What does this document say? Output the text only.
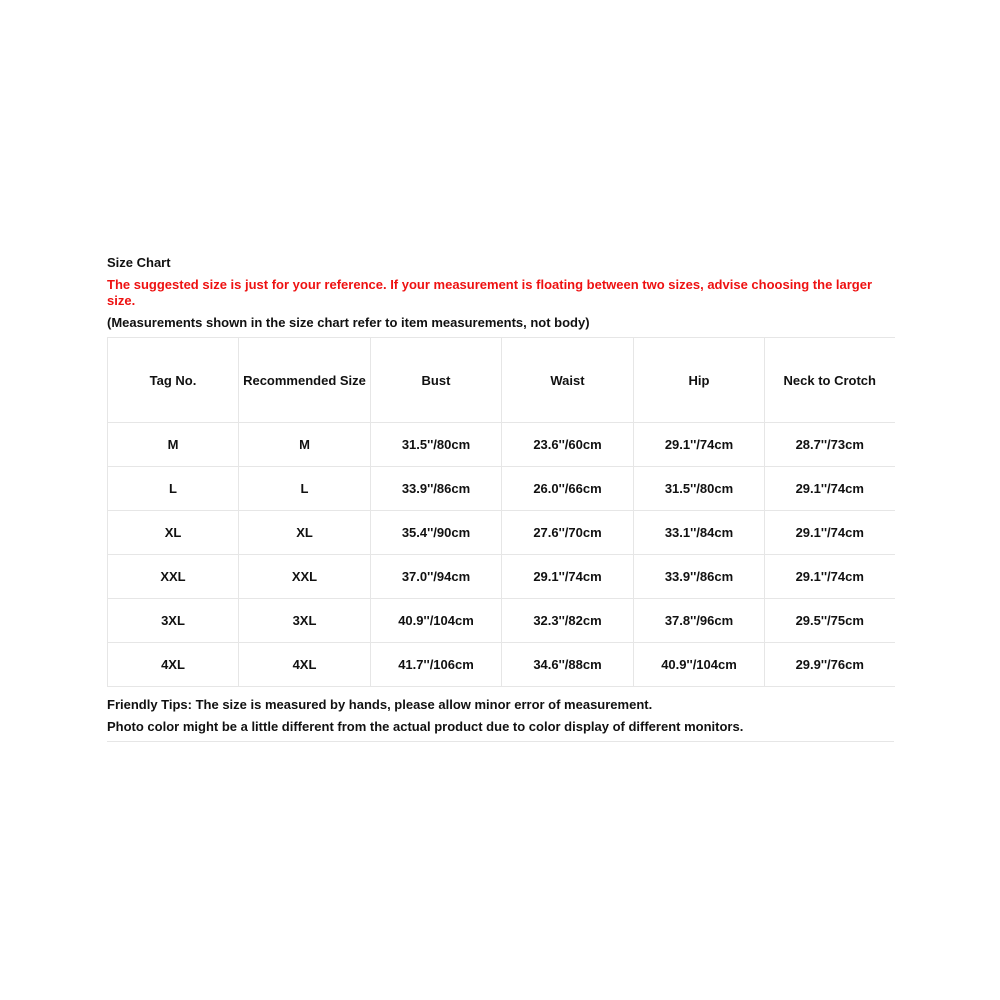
Size Chart
The suggested size is just for your reference. If your measurement is floating between two sizes, advise choosing the larger size.
(Measurements shown in the size chart refer to item measurements, not body)
Tag No.	Recommended Size	Bust	Waist	Hip	Neck to Crotch
M	M	31.5''/80cm	23.6''/60cm	29.1''/74cm	28.7''/73cm
L	L	33.9''/86cm	26.0''/66cm	31.5''/80cm	29.1''/74cm
XL	XL	35.4''/90cm	27.6''/70cm	33.1''/84cm	29.1''/74cm
XXL	XXL	37.0''/94cm	29.1''/74cm	33.9''/86cm	29.1''/74cm
3XL	3XL	40.9''/104cm	32.3''/82cm	37.8''/96cm	29.5''/75cm
4XL	4XL	41.7''/106cm	34.6''/88cm	40.9''/104cm	29.9''/76cm
Friendly Tips: The size is measured by hands, please allow minor error of measurement.
Photo color might be a little different from the actual product due to color display of different monitors.
